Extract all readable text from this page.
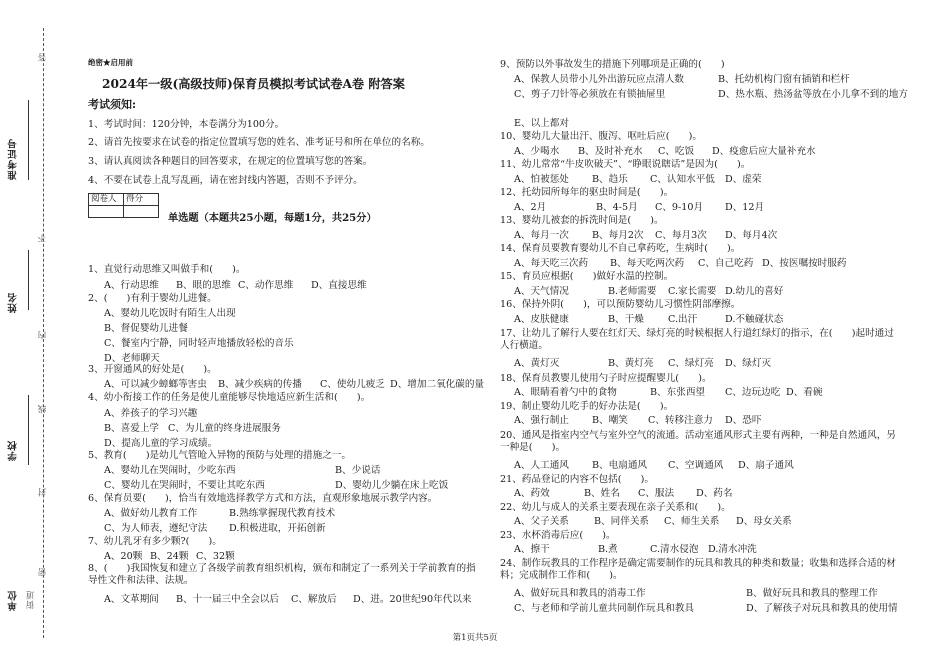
答
准考证号
不
姓名
内
线
学校
封
密
单位 街道
绝密★启用前
2024年一级(高级技师)保育员模拟考试试卷A卷 附答案
考试须知:
1、考试时间：120分钟，本卷满分为100分。
2、请首先按要求在试卷的指定位置填写您的姓名、准考证号和所在单位的名称。
3、请认真阅读各种题目的回答要求，在规定的位置填写您的答案。
4、不要在试卷上乱写乱画，请在密封线内答题，否则不予评分。
阅卷人	得分

单选题（本题共25小题，每题1分，共25分）
1、直觉行动思维又叫做手和(　　)。
A、行动思维 B、眼的思维 C、动作思维 D、直接思维
2、(　　)有利于婴幼儿进餐。
A、婴幼儿吃饭时有陌生人出现
B、督促婴幼儿进餐
C、餐室内宁静，同时轻声地播放轻松的音乐
D、老师聊天
3、开窗通风的好处是(　　)。
A、可以减少蟑螂等害虫 B、减少疾病的传播 C、使幼儿疲乏 D、增加二氧化碳的量
4、幼小衔接工作的任务是使儿童能够尽快地适应新生活和(　　)。
A、养孩子的学习兴趣
B、喜爱上学 C、为儿童的终身进展服务
D、提高儿童的学习成绩。
5、教育(　　)是幼儿气管呛入异物的预防与处理的措施之一。
A、婴幼儿在哭闹时，少吃东西	B、少说话
C、婴幼儿在哭闹时，不要让其吃东西	D、婴幼儿少躺在床上吃饭
6、保育员要(　　)，恰当有效地选择教学方式和方法，直观形象地展示教学内容。
A、做好幼儿教育工作	B.熟练掌握现代教育技术
C、为人师表，遵纪守法 D.积极进取，开拓创新
7、幼儿乳牙有多少颗?(　　)。
A、20颗 B、24颗 C、32颗
8、(　　)我国恢复和建立了各级学前教育组织机构，颁布和制定了一系列关于学前教育的指导性文件和法律、法规。
A、文革期间 B、十一届三中全会以后 C、解放后 D、进。20世纪90年代以来
9、预防以外事故发生的措施下列哪项是正确的(　　)
A、保教人员带小儿外出游玩应点清人数	B、托幼机构门窗有插销和栏杆
C、剪子刀针等必须放在有锁抽屉里	D、热水瓶、热汤盆等放在小儿拿不到的地方
E、以上都对
10、婴幼儿大量出汗、腹泻、呕吐后应(　　)。
A、少喝水 B、及时补充水 C、吃饭 D、疫愈后应大量补充水
11、幼儿常常“牛皮吹破天”、“睁眼说瞎话”是因为(　　)。
A、怕被惩处 B、趋乐 C、认知水平低 D、虚荣
12、托幼园所每年的驱虫时间是(　　)。
A、2月	B、4-5月 C、9-10月 D、12月
13、婴幼儿被套的拆洗时间是(　　)。
A、每月一次 B、每月2次 C、每月3次 D、每月4次
14、保育员要教育婴幼儿不自己拿药吃，生病时(　　)。
A、每天吃三次药 B、每天吃两次药 C、自己吃药 D、按医嘱按时服药
15、育员应根据(　　)做好水温的控制。
A、天气情况	B.老师需要 C.家长需要 D.幼儿的喜好
16、保持外阴(　　)，可以预防婴幼儿习惯性阴部摩擦。
A、皮肤健康	B、干燥	C.出汗	D.不触碰状态
17、让幼儿了解行人要在红灯天、绿灯亮的时候根据人行道红绿灯的指示，在(　　)起时通过人行横道。
A、黄灯灭	B、黄灯亮 C、绿灯亮 D、绿灯灭
18、保育员教婴儿使用勺子时应提醒婴儿(　　)。
A、眼睛看着勺中的食物	B、东张西望 C、边玩边吃 D、看碗
19、制止婴幼儿吃手的好办法是(　　)。
A、强行制止 B、嘲笑 C、转移注意力 D、恐吓
20、通风是指室内空气与室外空气的流通。活动室通风形式主要有两种，一种是自然通风，另一种是(　　)。
A、人工通风 B、电扇通风 C、空调通风 D、扇子通风
21、药品登记的内容不包括(　　)。
A、药效	B、姓名 C、服法 D、药名
22、幼儿与成人的关系主要表现在亲子关系和(　　)。
A、父子关系	B、同伴关系 C、师生关系 D、母女关系
23、水杯消毒后应(　　)。
A、擦干	B.煮	C.清水侵泡 D.清水冲洗
24、制作玩教具的工作程序是确定需要制作的玩具和教具的种类和数量；收集和选择合适的材料；完成制作工作和(　　)。
A、做好玩具和教具的消毒工作	B、做好玩具和教具的整理工作
C、与老师和学前儿童共同制作玩具和教具	D、了解孩子对玩具和教具的使用情
第1页共5页
